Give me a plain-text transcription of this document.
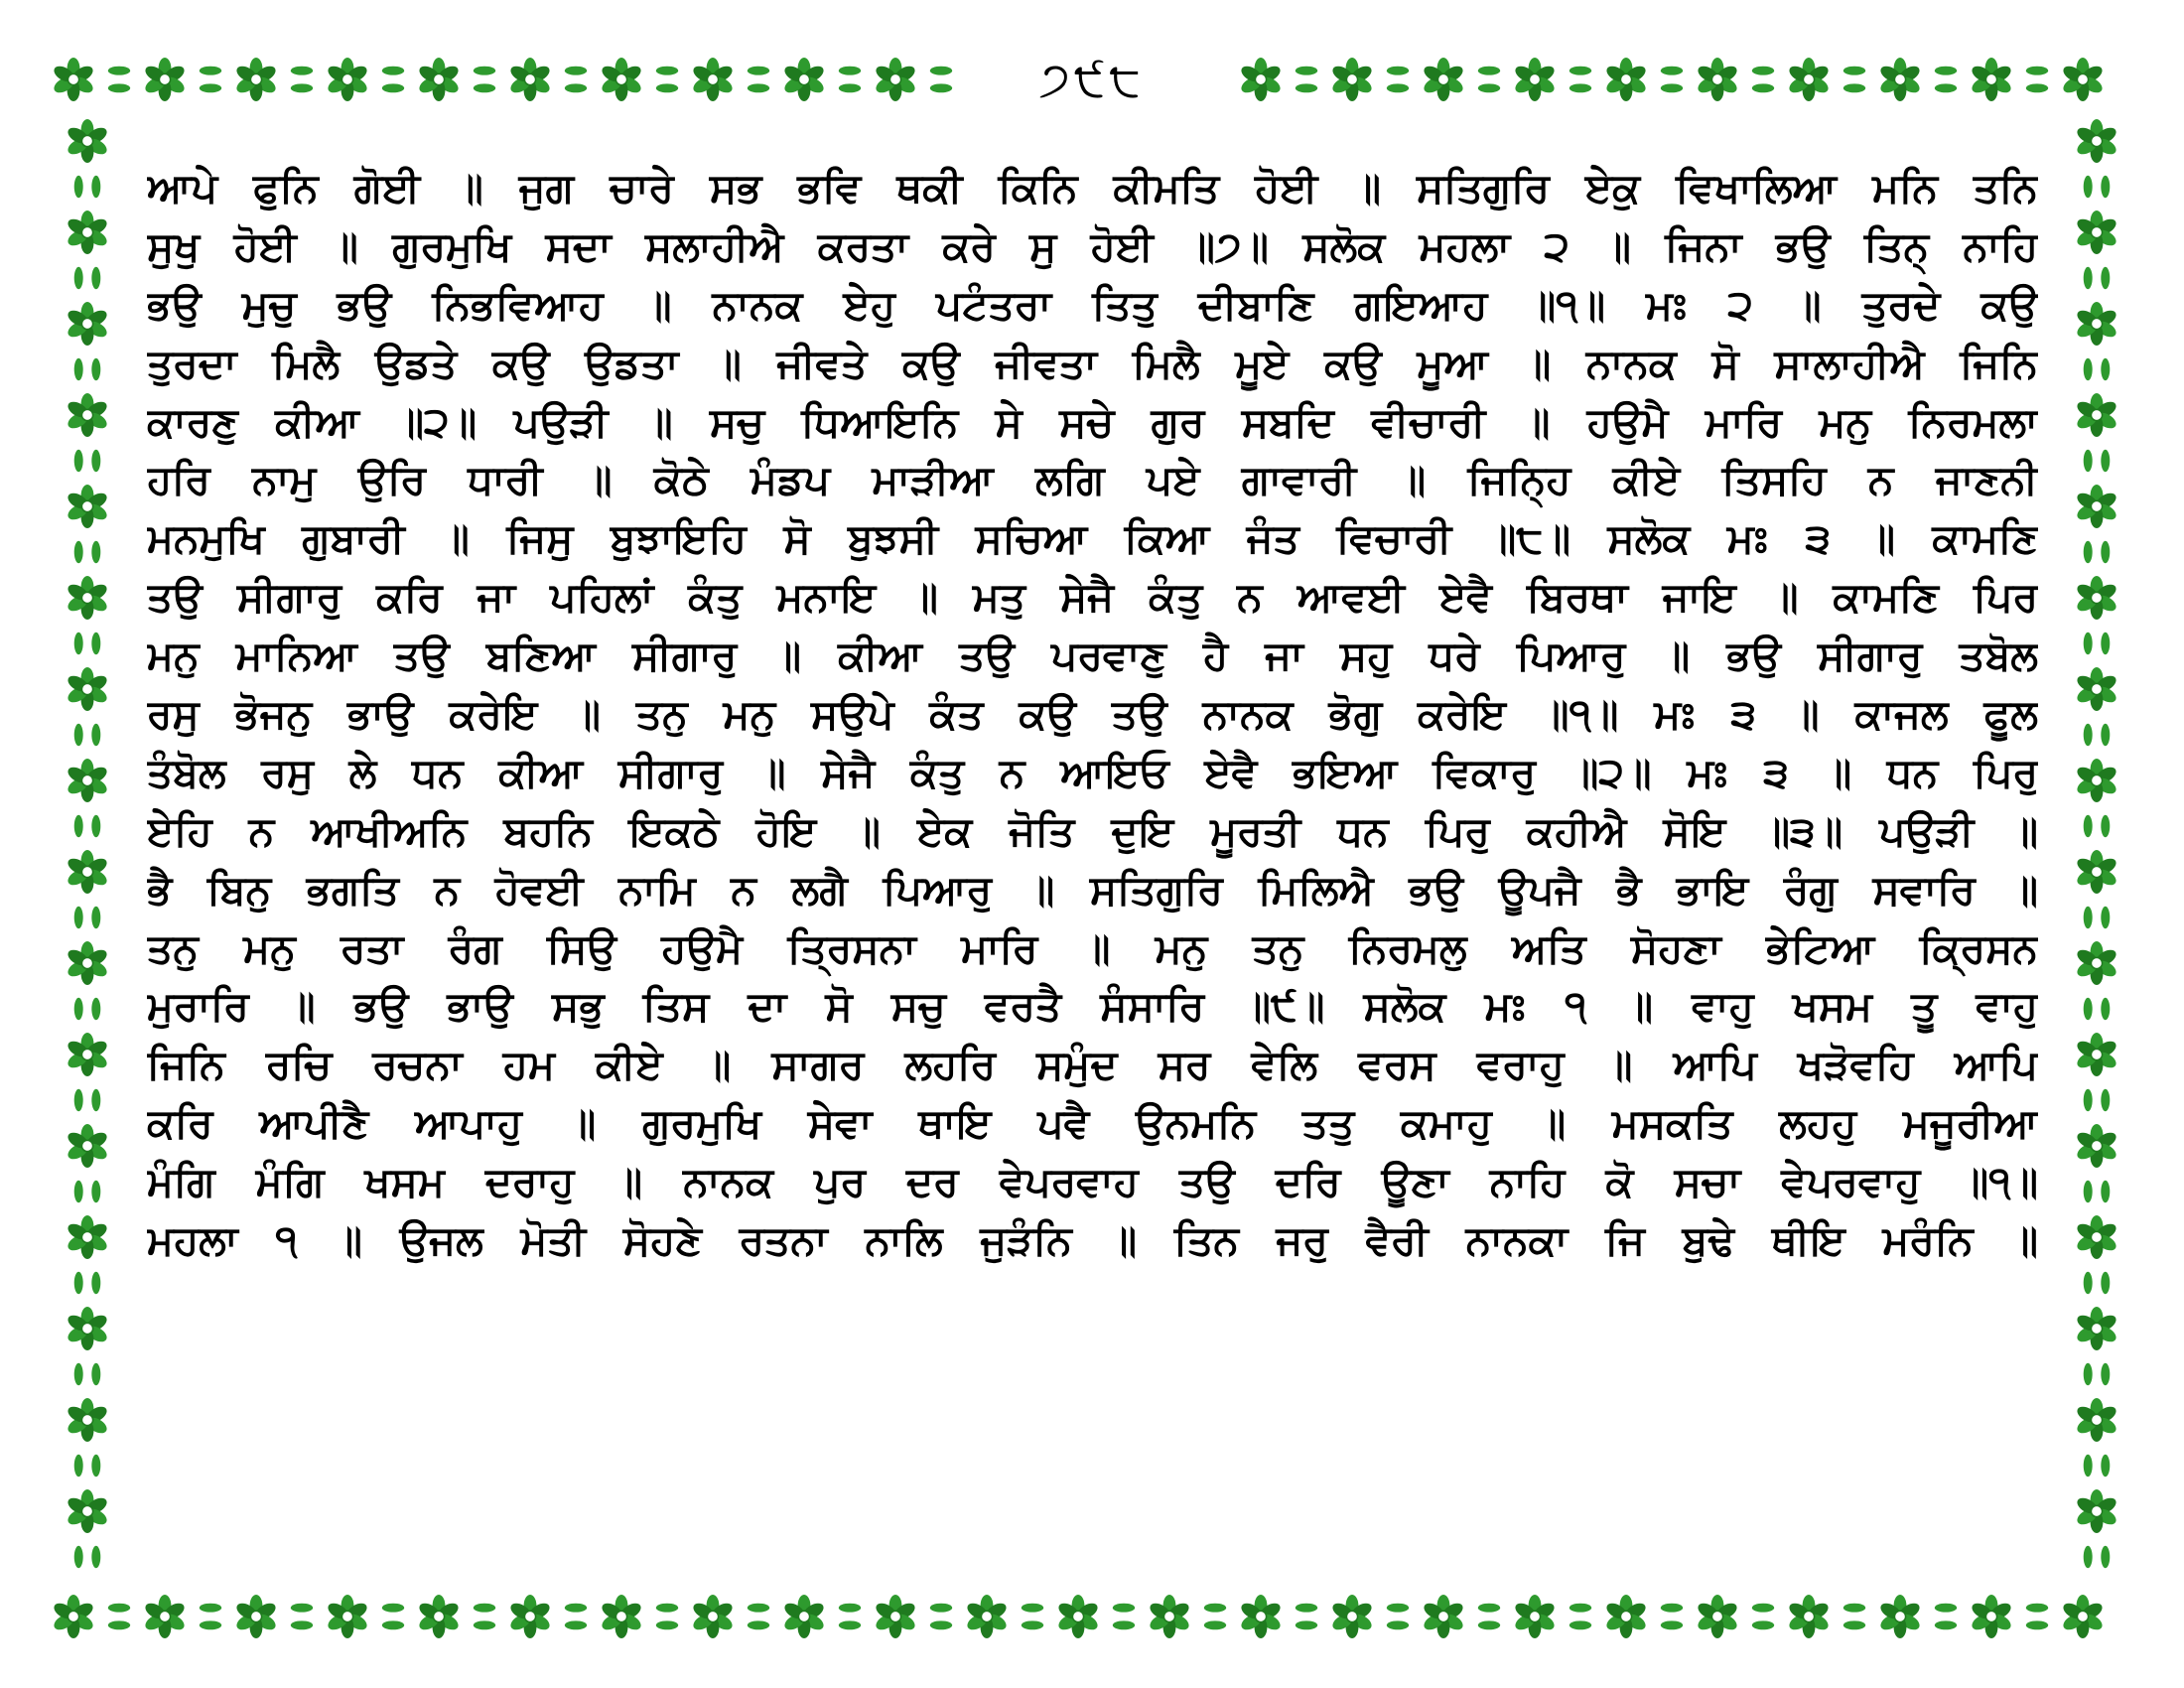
੭੯੮
ਆਪੇ ਫੁਨਿ ਗੋਈ ॥ ਜੁਗ ਚਾਰੇ ਸਭ ਭਵਿ ਥਕੀ ਕਿਨਿ ਕੀਮਤਿ ਹੋਈ ॥ ਸਤਿਗੁਰਿ ਏਕੁ ਵਿਖਾਲਿਆ ਮਨਿ ਤਨਿ
ਸੁਖੁ ਹੋਈ ॥ ਗੁਰਮੁਖਿ ਸਦਾ ਸਲਾਹੀਐ ਕਰਤਾ ਕਰੇ ਸੁ ਹੋਈ ॥੭॥ ਸਲੋਕ ਮਹਲਾ ੨ ॥ ਜਿਨਾ ਭਉ ਤਿਨ੍ ਨਾਹਿ
ਭਉ ਮੁਚੁ ਭਉ ਨਿਭਵਿਆਹ ॥ ਨਾਨਕ ਏਹੁ ਪਟੰਤਰਾ ਤਿਤੁ ਦੀਬਾਣਿ ਗਇਆਹ ॥੧॥ ਮਃ ੨ ॥ ਤੁਰਦੇ ਕਉ
ਤੁਰਦਾ ਮਿਲੈ ਉਡਤੇ ਕਉ ਉਡਤਾ ॥ ਜੀਵਤੇ ਕਉ ਜੀਵਤਾ ਮਿਲੈ ਮੂਏ ਕਉ ਮੂਆ ॥ ਨਾਨਕ ਸੋ ਸਾਲਾਹੀਐ ਜਿਨਿ
ਕਾਰਣੁ ਕੀਆ ॥੨॥ ਪਉੜੀ ॥ ਸਚੁ ਧਿਆਇਨਿ ਸੇ ਸਚੇ ਗੁਰ ਸਬਦਿ ਵੀਚਾਰੀ ॥ ਹਉਮੈ ਮਾਰਿ ਮਨੁ ਨਿਰਮਲਾ
ਹਰਿ ਨਾਮੁ ਉਰਿ ਧਾਰੀ ॥ ਕੋਠੇ ਮੰਡਪ ਮਾੜੀਆ ਲਗਿ ਪਏ ਗਾਵਾਰੀ ॥ ਜਿਨ੍ਹਿ ਕੀਏ ਤਿਸਹਿ ਨ ਜਾਣਨੀ
ਮਨਮੁਖਿ ਗੁਬਾਰੀ ॥ ਜਿਸੁ ਬੁਝਾਇਹਿ ਸੋ ਬੁਝਸੀ ਸਚਿਆ ਕਿਆ ਜੰਤ ਵਿਚਾਰੀ ॥੮॥ ਸਲੋਕ ਮਃ ੩ ॥ ਕਾਮਣਿ
ਤਉ ਸੀਗਾਰੁ ਕਰਿ ਜਾ ਪਹਿਲਾਂ ਕੰਤੁ ਮਨਾਇ ॥ ਮਤੁ ਸੇਜੈ ਕੰਤੁ ਨ ਆਵਈ ਏਵੈ ਬਿਰਥਾ ਜਾਇ ॥ ਕਾਮਣਿ ਪਿਰ
ਮਨੁ ਮਾਨਿਆ ਤਉ ਬਣਿਆ ਸੀਗਾਰੁ ॥ ਕੀਆ ਤਉ ਪਰਵਾਣੁ ਹੈ ਜਾ ਸਹੁ ਧਰੇ ਪਿਆਰੁ ॥ ਭਉ ਸੀਗਾਰੁ ਤਬੋਲ
ਰਸੁ ਭੋਜਨੁ ਭਾਉ ਕਰੇਇ ॥ ਤਨੁ ਮਨੁ ਸਉਪੇ ਕੰਤ ਕਉ ਤਉ ਨਾਨਕ ਭੋਗੁ ਕਰੇਇ ॥੧॥ ਮਃ ੩ ॥ ਕਾਜਲ ਫੂਲ
ਤੰਬੋਲ ਰਸੁ ਲੇ ਧਨ ਕੀਆ ਸੀਗਾਰੁ ॥ ਸੇਜੈ ਕੰਤੁ ਨ ਆਇਓ ਏਵੈ ਭਇਆ ਵਿਕਾਰੁ ॥੨॥ ਮਃ ੩ ॥ ਧਨ ਪਿਰੁ
ਏਹਿ ਨ ਆਖੀਅਨਿ ਬਹਨਿ ਇਕਠੇ ਹੋਇ ॥ ਏਕ ਜੋਤਿ ਦੁਇ ਮੂਰਤੀ ਧਨ ਪਿਰੁ ਕਹੀਐ ਸੋਇ ॥੩॥ ਪਉੜੀ ॥
ਭੈ ਬਿਨੁ ਭਗਤਿ ਨ ਹੋਵਈ ਨਾਮਿ ਨ ਲਗੈ ਪਿਆਰੁ ॥ ਸਤਿਗੁਰਿ ਮਿਲਿਐ ਭਉ ਊਪਜੈ ਭੈ ਭਾਇ ਰੰਗੁ ਸਵਾਰਿ ॥
ਤਨੁ ਮਨੁ ਰਤਾ ਰੰਗ ਸਿਉ ਹਉਮੈ ਤ੍ਰਿਸਨਾ ਮਾਰਿ ॥ ਮਨੁ ਤਨੁ ਨਿਰਮਲੁ ਅਤਿ ਸੋਹਣਾ ਭੇਟਿਆ ਕ੍ਰਿਸਨ
ਮੁਰਾਰਿ ॥ ਭਉ ਭਾਉ ਸਭੁ ਤਿਸ ਦਾ ਸੋ ਸਚੁ ਵਰਤੈ ਸੰਸਾਰਿ ॥੯॥ ਸਲੋਕ ਮਃ ੧ ॥ ਵਾਹੁ ਖਸਮ ਤੂ ਵਾਹੁ
ਜਿਨਿ ਰਚਿ ਰਚਨਾ ਹਮ ਕੀਏ ॥ ਸਾਗਰ ਲਹਰਿ ਸਮੁੰਦ ਸਰ ਵੇਲਿ ਵਰਸ ਵਰਾਹੁ ॥ ਆਪਿ ਖੜੋਵਹਿ ਆਪਿ
ਕਰਿ ਆਪੀਣੈ ਆਪਾਹੁ ॥ ਗੁਰਮੁਖਿ ਸੇਵਾ ਥਾਇ ਪਵੈ ਉਨਮਨਿ ਤਤੁ ਕਮਾਹੁ ॥ ਮਸਕਤਿ ਲਹਹੁ ਮਜੂਰੀਆ
ਮੰਗਿ ਮੰਗਿ ਖਸਮ ਦਰਾਹੁ ॥ ਨਾਨਕ ਪੁਰ ਦਰ ਵੇਪਰਵਾਹ ਤਉ ਦਰਿ ਊਣਾ ਨਾਹਿ ਕੋ ਸਚਾ ਵੇਪਰਵਾਹੁ ॥੧॥
ਮਹਲਾ ੧ ॥ ਉਜਲ ਮੋਤੀ ਸੋਹਣੇ ਰਤਨਾ ਨਾਲਿ ਜੁੜੰਨਿ ॥ ਤਿਨ ਜਰੁ ਵੈਰੀ ਨਾਨਕਾ ਜਿ ਬੁਢੇ ਥੀਇ ਮਰੰਨਿ ॥
